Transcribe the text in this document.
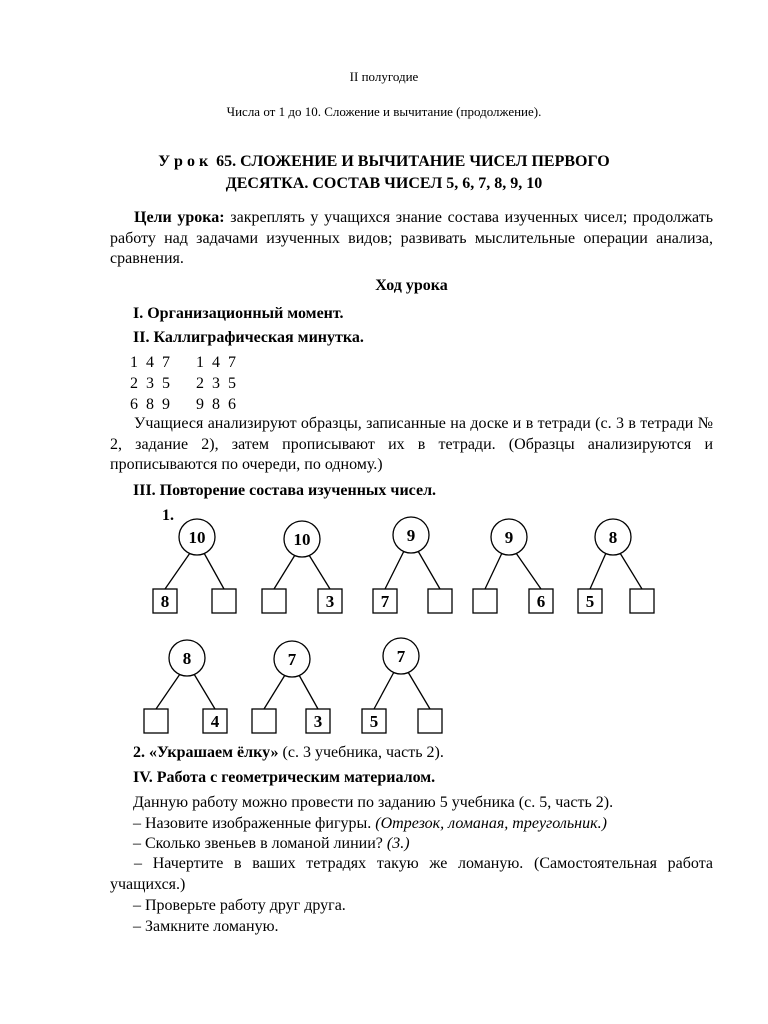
II полугодие
Числа от 1 до 10. Сложение и вычитание (продолжение).
У р о к  65. СЛОЖЕНИЕ И ВЫЧИТАНИЕ ЧИСЕЛ ПЕРВОГО
ДЕСЯТКА. СОСТАВ ЧИСЕЛ 5, 6, 7, 8, 9, 10
Цели урока: закреплять у учащихся знание состава изученных чисел; продолжать работу над задачами изученных видов; развивать мыслительные операции анализа, сравнения.
Ход урока
I. Организационный момент.
II. Каллиграфическая минутка.
1 4 7 1 4 7
2 3 5 2 3 5
6 8 9 9 8 6
Учащиеся анализируют образцы, записанные на доске и в тетради (с. 3 в тетради № 2, задание 2), затем прописывают их в тетради. (Образцы анализируются и прописываются по очереди, по одному.)
III. Повторение состава изученных чисел.
1.
10
8
10
3
9
7
9
6
8
5
8
4
7
3
7
5
2. «Украшаем ёлку» (с. 3 учебника, часть 2).
IV. Работа с геометрическим материалом.
Данную работу можно провести по заданию 5 учебника (с. 5, часть 2).
– Назовите изображенные фигуры. (Отрезок, ломаная, треугольник.)
– Сколько звеньев в ломаной линии? (3.)
– Начертите в ваших тетрадях такую же ломаную. (Самостоятельная работа учащихся.)
– Проверьте работу друг друга.
– Замкните ломаную.
